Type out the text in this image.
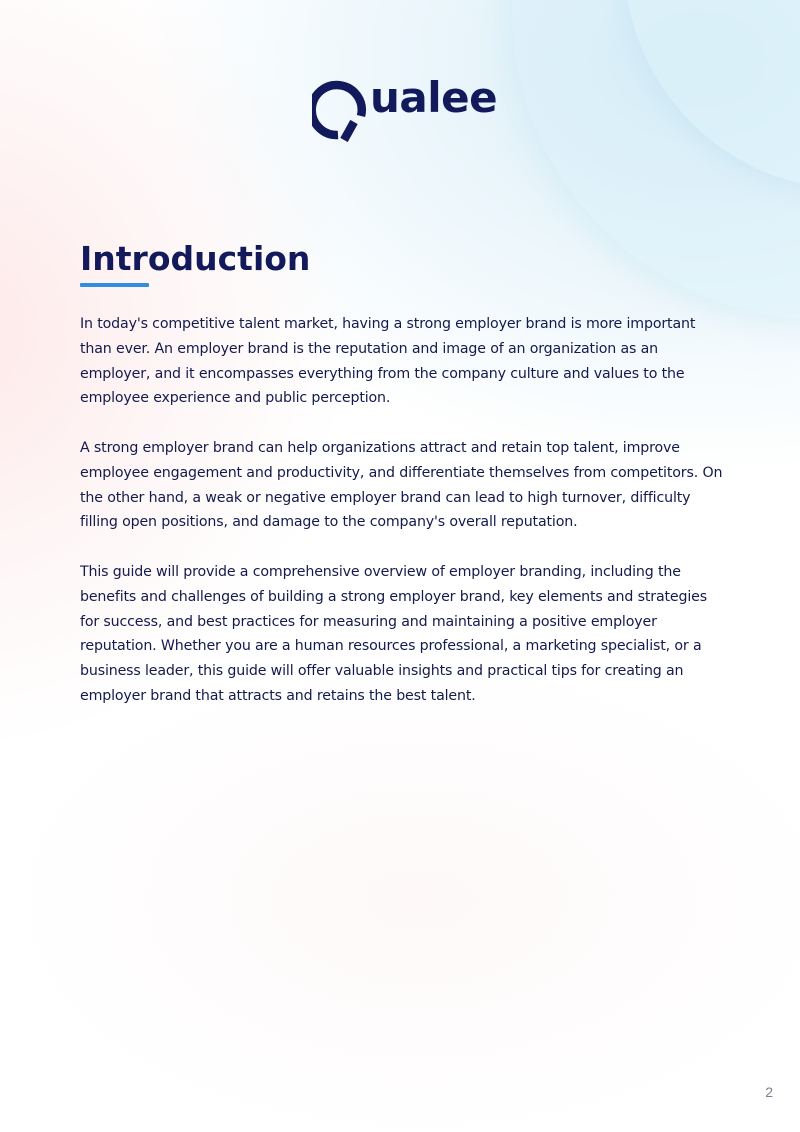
ualee
Introduction

In today's competitive talent market, having a strong employer brand is more important than ever. An employer brand is the reputation and image of an organization as an employer, and it encompasses everything from the company culture and values to the employee experience and public perception.

A strong employer brand can help organizations attract and retain top talent, improve employee engagement and productivity, and differentiate themselves from competitors. On the other hand, a weak or negative employer brand can lead to high turnover, difficulty filling open positions, and damage to the company's overall reputation.

This guide will provide a comprehensive overview of employer branding, including the benefits and challenges of building a strong employer brand, key elements and strategies for success, and best practices for measuring and maintaining a positive employer reputation. Whether you are a human resources professional, a marketing specialist, or a business leader, this guide will offer valuable insights and practical tips for creating an employer brand that attracts and retains the best talent.

2
